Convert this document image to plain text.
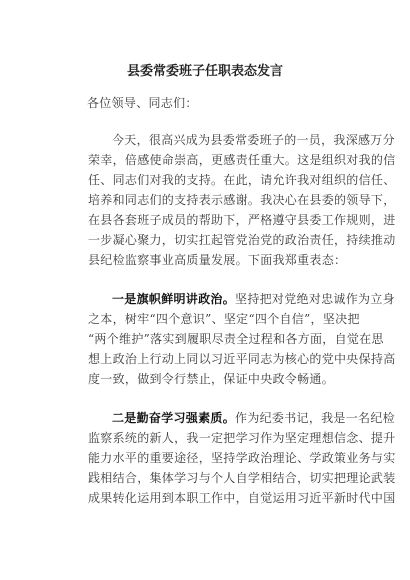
县委常委班子任职表态发言
各位领导、同志们：
今天，很高兴成为县委常委班子的一员，我深感万分
荣幸，倍感使命崇高，更感责任重大。这是组织对我的信
任、同志们对我的支持。在此，请允许我对组织的信任、
培养和同志们的支持表示感谢。我决心在县委的领导下，
在县各套班子成员的帮助下，严格遵守县委工作规则，进
一步凝心聚力，切实扛起管党治党的政治责任，持续推动
县纪检监察事业高质量发展。下面我郑重表态：
一是旗帜鲜明讲政治。坚持把对党绝对忠诚作为立身
之本，树牢“四个意识”、坚定“四个自信”，坚决把
“两个维护”落实到履职尽责全过程和各方面，自觉在思
想上政治上行动上同以习近平同志为核心的党中央保持高
度一致，做到令行禁止，保证中央政令畅通。
二是勤奋学习强素质。作为纪委书记，我是一名纪检
监察系统的新人，我一定把学习作为坚定理想信念、提升
能力水平的重要途径，坚持学政治理论、学政策业务与实
践相结合，集体学习与个人自学相结合，切实把理论武装
成果转化运用到本职工作中，自觉运用习近平新时代中国
